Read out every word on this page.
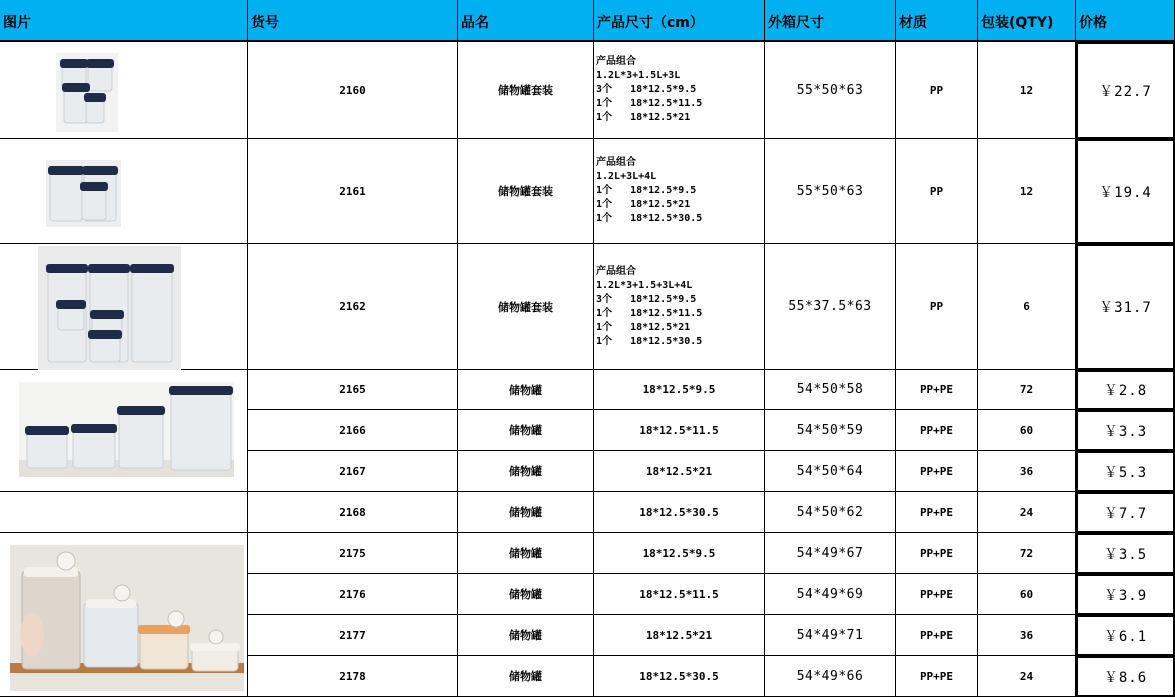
图片	货号	品名	产品尺寸（cm）	外箱尺寸	材质	包装(QTY)	价格
2160	储物罐套装
产品组合
1.2L*3+1.5L+3L
3个   18*12.5*9.5
1个   18*12.5*11.5
1个   18*12.5*21
55*50*63	PP	12	￥22.7
2161	储物罐套装
产品组合
1.2L+3L+4L
1个   18*12.5*9.5
1个   18*12.5*21
1个   18*12.5*30.5
55*50*63	PP	12	￥19.4
2162	储物罐套装
产品组合
1.2L*3+1.5+3L+4L
3个   18*12.5*9.5
1个   18*12.5*11.5
1个   18*12.5*21
1个   18*12.5*30.5
55*37.5*63	PP	6	￥31.7
2165	储物罐	18*12.5*9.5	54*50*58	PP+PE	72	￥2.8
2166	储物罐	18*12.5*11.5	54*50*59	PP+PE	60	￥3.3
2167	储物罐	18*12.5*21	54*50*64	PP+PE	36	￥5.3
2168	储物罐	18*12.5*30.5	54*50*62	PP+PE	24	￥7.7
2175	储物罐	18*12.5*9.5	54*49*67	PP+PE	72	￥3.5
2176	储物罐	18*12.5*11.5	54*49*69	PP+PE	60	￥3.9
2177	储物罐	18*12.5*21	54*49*71	PP+PE	36	￥6.1
2178	储物罐	18*12.5*30.5	54*49*66	PP+PE	24	￥8.6
